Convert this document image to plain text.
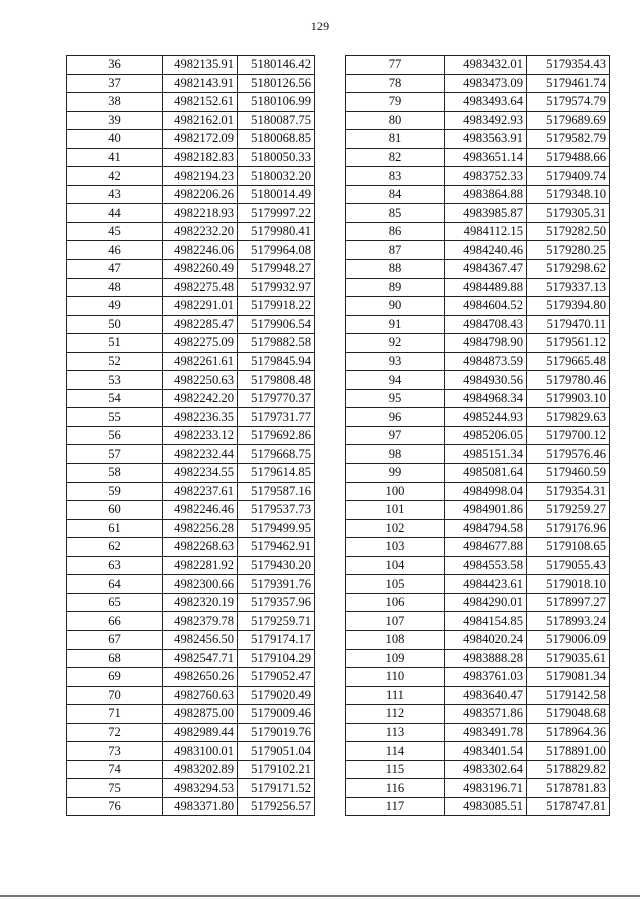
129
36	4982135.91	5180146.42
37	4982143.91	5180126.56
38	4982152.61	5180106.99
39	4982162.01	5180087.75
40	4982172.09	5180068.85
41	4982182.83	5180050.33
42	4982194.23	5180032.20
43	4982206.26	5180014.49
44	4982218.93	5179997.22
45	4982232.20	5179980.41
46	4982246.06	5179964.08
47	4982260.49	5179948.27
48	4982275.48	5179932.97
49	4982291.01	5179918.22
50	4982285.47	5179906.54
51	4982275.09	5179882.58
52	4982261.61	5179845.94
53	4982250.63	5179808.48
54	4982242.20	5179770.37
55	4982236.35	5179731.77
56	4982233.12	5179692.86
57	4982232.44	5179668.75
58	4982234.55	5179614.85
59	4982237.61	5179587.16
60	4982246.46	5179537.73
61	4982256.28	5179499.95
62	4982268.63	5179462.91
63	4982281.92	5179430.20
64	4982300.66	5179391.76
65	4982320.19	5179357.96
66	4982379.78	5179259.71
67	4982456.50	5179174.17
68	4982547.71	5179104.29
69	4982650.26	5179052.47
70	4982760.63	5179020.49
71	4982875.00	5179009.46
72	4982989.44	5179019.76
73	4983100.01	5179051.04
74	4983202.89	5179102.21
75	4983294.53	5179171.52
76	4983371.80	5179256.57
77	4983432.01	5179354.43
78	4983473.09	5179461.74
79	4983493.64	5179574.79
80	4983492.93	5179689.69
81	4983563.91	5179582.79
82	4983651.14	5179488.66
83	4983752.33	5179409.74
84	4983864.88	5179348.10
85	4983985.87	5179305.31
86	4984112.15	5179282.50
87	4984240.46	5179280.25
88	4984367.47	5179298.62
89	4984489.88	5179337.13
90	4984604.52	5179394.80
91	4984708.43	5179470.11
92	4984798.90	5179561.12
93	4984873.59	5179665.48
94	4984930.56	5179780.46
95	4984968.34	5179903.10
96	4985244.93	5179829.63
97	4985206.05	5179700.12
98	4985151.34	5179576.46
99	4985081.64	5179460.59
100	4984998.04	5179354.31
101	4984901.86	5179259.27
102	4984794.58	5179176.96
103	4984677.88	5179108.65
104	4984553.58	5179055.43
105	4984423.61	5179018.10
106	4984290.01	5178997.27
107	4984154.85	5178993.24
108	4984020.24	5179006.09
109	4983888.28	5179035.61
110	4983761.03	5179081.34
111	4983640.47	5179142.58
112	4983571.86	5179048.68
113	4983491.78	5178964.36
114	4983401.54	5178891.00
115	4983302.64	5178829.82
116	4983196.71	5178781.83
117	4983085.51	5178747.81
